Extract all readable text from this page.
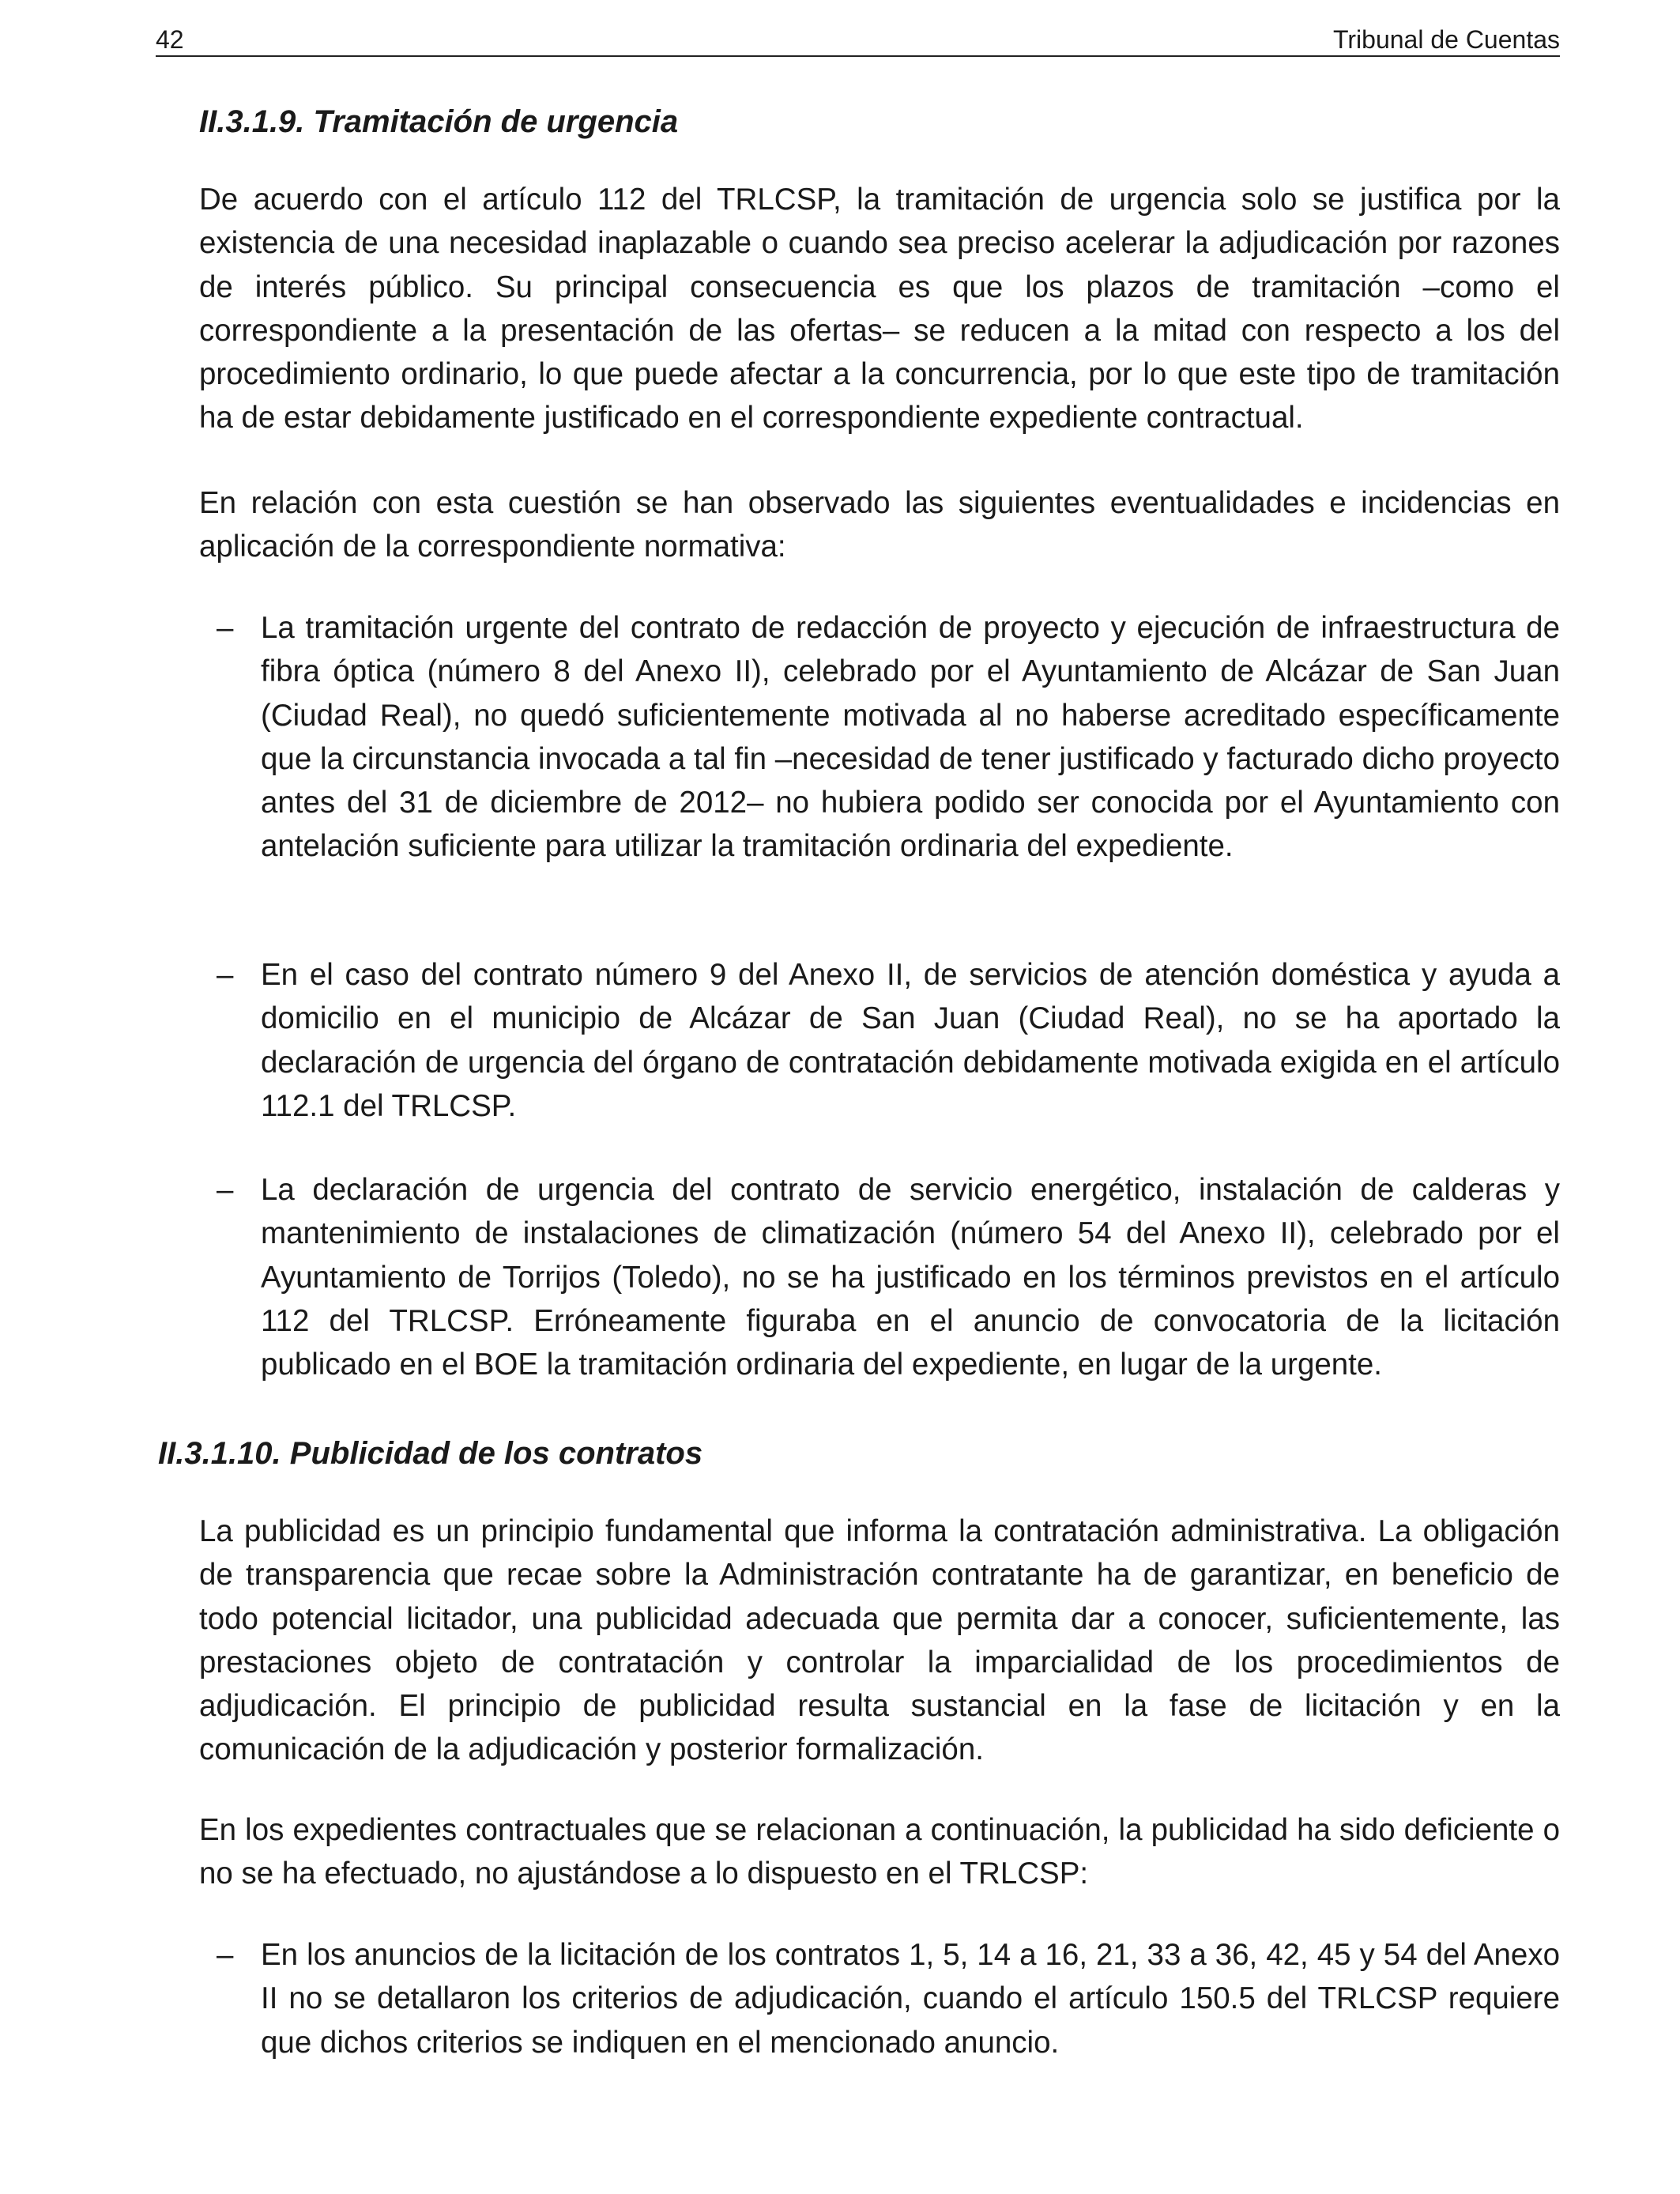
42	Tribunal de Cuentas
II.3.1.9. Tramitación de urgencia

De acuerdo con el artículo 112 del TRLCSP, la tramitación de urgencia solo se justifica por la existencia de una necesidad inaplazable o cuando sea preciso acelerar la adjudicación por razones de interés público. Su principal consecuencia es que los plazos de tramitación –como el correspondiente a la presentación de las ofertas– se reducen a la mitad con respecto a los del procedimiento ordinario, lo que puede afectar a la concurrencia, por lo que este tipo de tramitación ha de estar debidamente justificado en el correspondiente expediente contractual.

En relación con esta cuestión se han observado las siguientes eventualidades e incidencias en aplicación de la correspondiente normativa:

– La tramitación urgente del contrato de redacción de proyecto y ejecución de infraestructura de fibra óptica (número 8 del Anexo II), celebrado por el Ayuntamiento de Alcázar de San Juan (Ciudad Real), no quedó suficientemente motivada al no haberse acreditado específicamente que la circunstancia invocada a tal fin –necesidad de tener justificado y facturado dicho proyecto antes del 31 de diciembre de 2012– no hubiera podido ser conocida por el Ayuntamiento con antelación suficiente para utilizar la tramitación ordinaria del expediente.

– En el caso del contrato número 9 del Anexo II, de servicios de atención doméstica y ayuda a domicilio en el municipio de Alcázar de San Juan (Ciudad Real), no se ha aportado la declaración de urgencia del órgano de contratación debidamente motivada exigida en el artículo 112.1 del TRLCSP.

– La declaración de urgencia del contrato de servicio energético, instalación de calderas y mantenimiento de instalaciones de climatización (número 54 del Anexo II), celebrado por el Ayuntamiento de Torrijos (Toledo), no se ha justificado en los términos previstos en el artículo 112 del TRLCSP. Erróneamente figuraba en el anuncio de convocatoria de la licitación publicado en el BOE la tramitación ordinaria del expediente, en lugar de la urgente.

II.3.1.10. Publicidad de los contratos

La publicidad es un principio fundamental que informa la contratación administrativa. La obligación de transparencia que recae sobre la Administración contratante ha de garantizar, en beneficio de todo potencial licitador, una publicidad adecuada que permita dar a conocer, suficientemente, las prestaciones objeto de contratación y controlar la imparcialidad de los procedimientos de adjudicación. El principio de publicidad resulta sustancial en la fase de licitación y en la comunicación de la adjudicación y posterior formalización.

En los expedientes contractuales que se relacionan a continuación, la publicidad ha sido deficiente o no se ha efectuado, no ajustándose a lo dispuesto en el TRLCSP:

– En los anuncios de la licitación de los contratos 1, 5, 14 a 16, 21, 33 a 36, 42, 45 y 54 del Anexo II no se detallaron los criterios de adjudicación, cuando el artículo 150.5 del TRLCSP requiere que dichos criterios se indiquen en el mencionado anuncio.
